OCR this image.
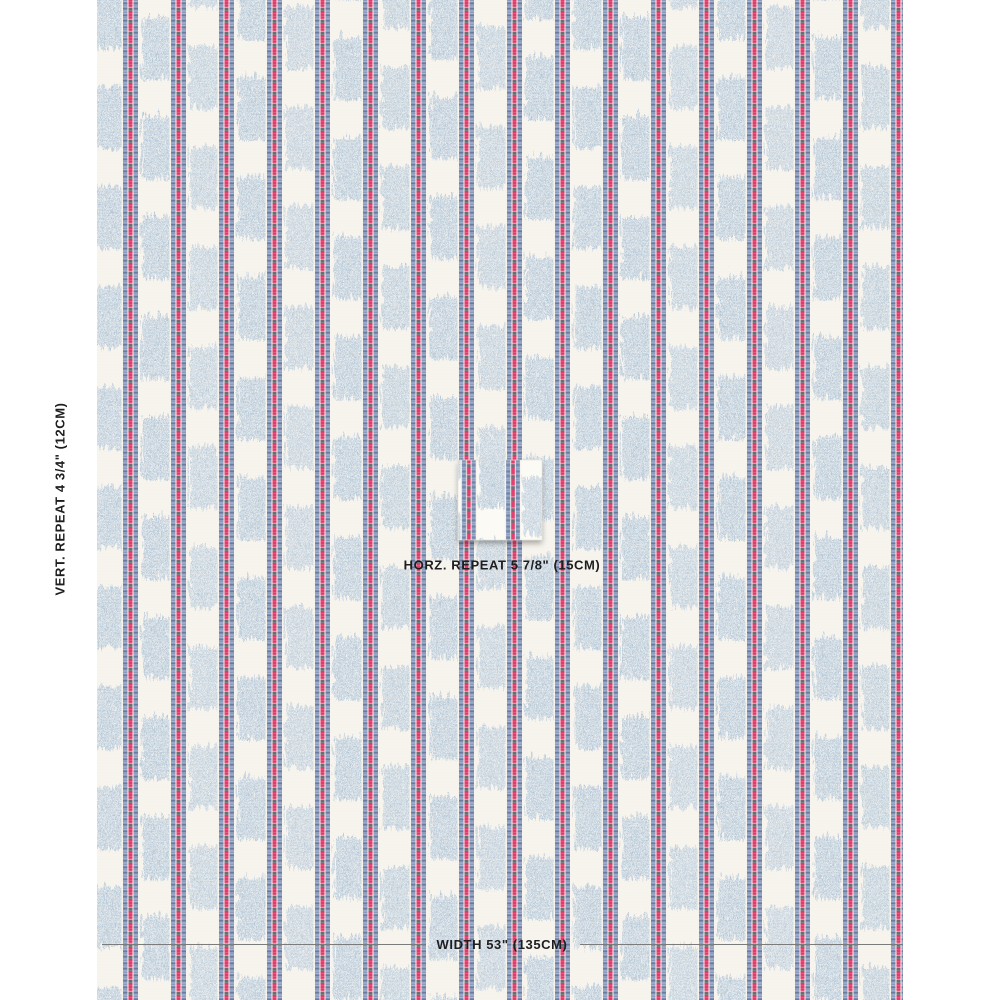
VERT. REPEAT 4 3/4" (12CM)	HORZ. REPEAT 5 7/8" (15CM)
WIDTH 53" (135CM)
